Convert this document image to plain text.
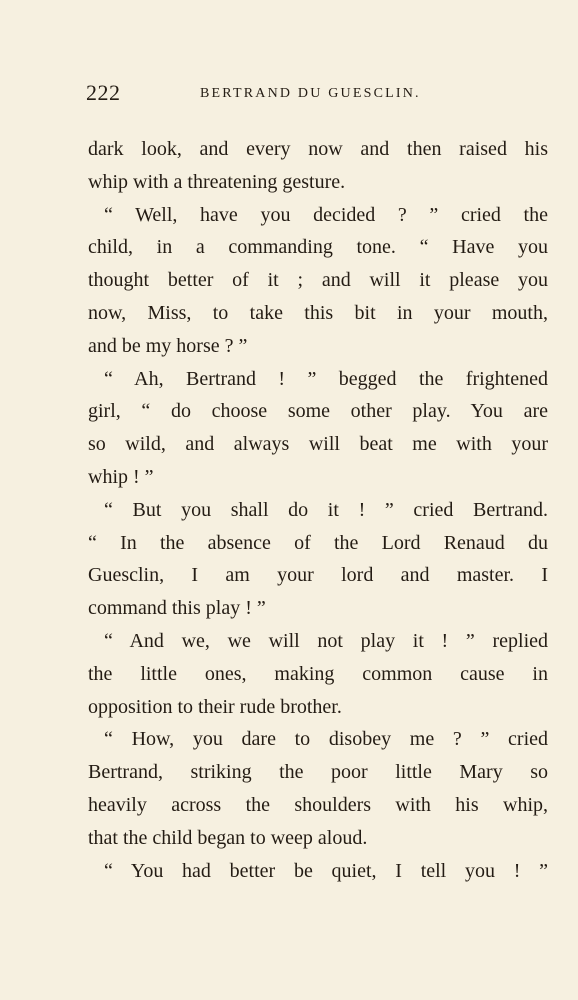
222	BERTRAND DU GUESCLIN.
dark look, and every now and then raised his
whip with a threatening gesture.
“ Well, have you decided ? ” cried the
child, in a commanding tone. “ Have you
thought better of it ; and will it please you
now, Miss, to take this bit in your mouth,
and be my horse ? ”
“ Ah, Bertrand ! ” begged the frightened
girl, “ do choose some other play. You are
so wild, and always will beat me with your
whip ! ”
“ But you shall do it ! ” cried Bertrand.
“ In the absence of the Lord Renaud du
Guesclin, I am your lord and master. I
command this play ! ”
“ And we, we will not play it ! ” replied
the little ones, making common cause in
opposition to their rude brother.
“ How, you dare to disobey me ? ” cried
Bertrand, striking the poor little Mary so
heavily across the shoulders with his whip,
that the child began to weep aloud.
“ You had better be quiet, I tell you ! ”
